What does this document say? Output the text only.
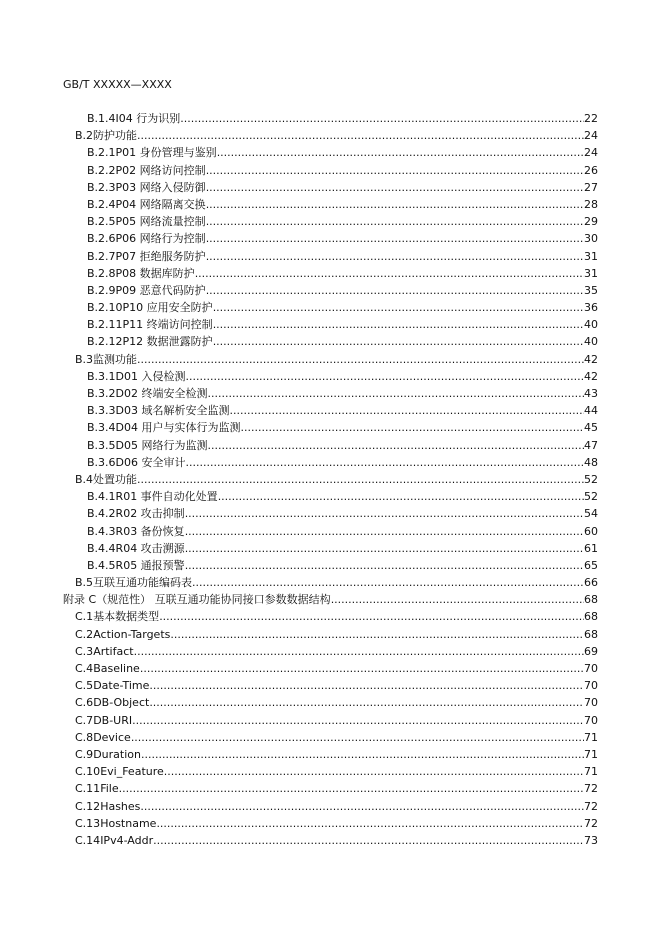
GB/T XXXXX—XXXX
B.1.4 I04 行为识别 .....	22
B.2 防护功能 .....	24
B.2.1 P01 身份管理与鉴别 .....	24
B.2.2 P02 网络访问控制 .....	26
B.2.3 P03 网络入侵防御 .....	27
B.2.4 P04 网络隔离交换 .....	28
B.2.5 P05 网络流量控制 .....	29
B.2.6 P06 网络行为控制 .....	30
B.2.7 P07 拒绝服务防护 .....	31
B.2.8 P08 数据库防护 .....	31
B.2.9 P09 恶意代码防护 .....	35
B.2.10 P10 应用安全防护 .....	36
B.2.11 P11 终端访问控制 .....	40
B.2.12 P12 数据泄露防护 .....	40
B.3 监测功能 .....	42
B.3.1 D01 入侵检测 .....	42
B.3.2 D02 终端安全检测 .....	43
B.3.3 D03 域名解析安全监测 .....	44
B.3.4 D04 用户与实体行为监测 .....	45
B.3.5 D05 网络行为监测 .....	47
B.3.6 D06 安全审计 .....	48
B.4 处置功能 .....	52
B.4.1 R01 事件自动化处置 .....	52
B.4.2 R02 攻击抑制 .....	54
B.4.3 R03 备份恢复 .....	60
B.4.4 R04 攻击溯源 .....	61
B.4.5 R05 通报预警 .....	65
B.5 互联互通功能编码表 .....	66
附录 C （规范性） 互联互通功能协同接口参数数据结构 .....	68
C.1 基本数据类型 .....	68
C.2 Action-Targets .....	68
C.3 Artifact .....	69
C.4 Baseline .....	70
C.5 Date-Time .....	70
C.6 DB-Object .....	70
C.7 DB-URI .....	70
C.8 Device .....	71
C.9 Duration .....	71
C.10 Evi_Feature .....	71
C.11 File .....	72
C.12 Hashes .....	72
C.13 Hostname .....	72
C.14 IPv4-Addr .....	73
